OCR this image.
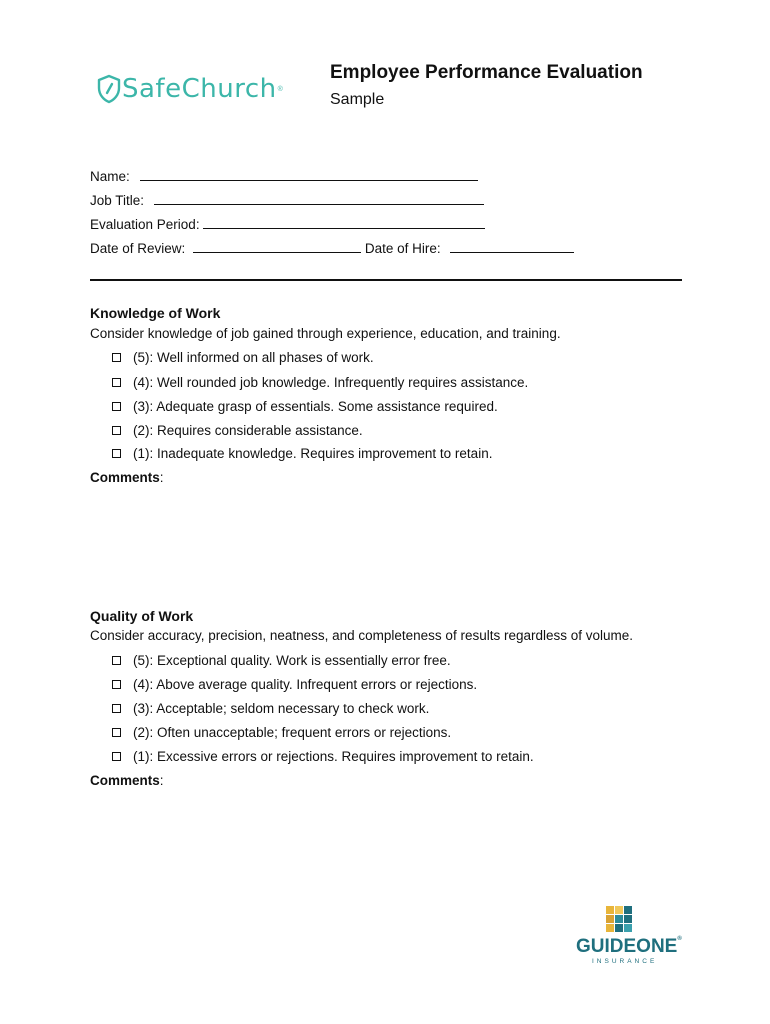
SafeChurch ®
Employee Performance Evaluation
Sample
Name:
Job Title:
Evaluation Period:
Date of Review:	Date of Hire:
Knowledge of Work
Consider knowledge of job gained through experience, education, and training.
(5): Well informed on all phases of work.
(4): Well rounded job knowledge. Infrequently requires assistance.
(3): Adequate grasp of essentials. Some assistance required.
(2): Requires considerable assistance.
(1): Inadequate knowledge. Requires improvement to retain.
Comments:
Quality of Work
Consider accuracy, precision, neatness, and completeness of results regardless of volume.
(5): Exceptional quality. Work is essentially error free.
(4): Above average quality. Infrequent errors or rejections.
(3): Acceptable; seldom necessary to check work.
(2): Often unacceptable; frequent errors or rejections.
(1): Excessive errors or rejections. Requires improvement to retain.
Comments:
GUIDEONE®
INSURANCE
